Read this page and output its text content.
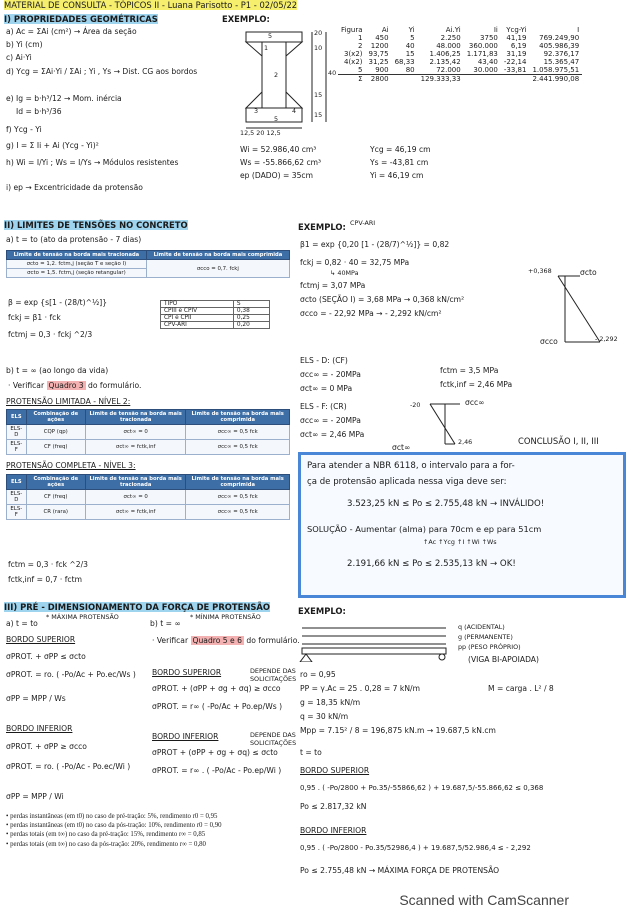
MATERIAL DE CONSULTA - TÓPICOS II - Luana Parisotto - P1 - 02/05/22
I) PROPRIEDADES GEOMÉTRICAS
a) Ac = ΣAi (cm²) → Área da seção
b) Yi (cm)
c) Ai·Yi
d) Ycg = ΣAi·Yi / ΣAi ; Yi , Ys → Dist. CG aos bordos
e) Ig = b·h³/12 → Mom. inércia
Id = b·h³/36
f) Ycg - Yi
g) I = Σ Ii + Ai (Ycg - Yi)²
h) Wi = I/Yi ; Ws = I/Ys → Módulos resistentes
i) ep → Excentricidade da protensão
EXEMPLO:
20
10
40
15
15
5
12,5 20 12,5
1
2
3	4
5
Figura	Ai	Yi	Ai.Yi	Ii	Ycg-Yi	I
1	450	5	2.250	3750	41,19	769.249,90
2	1200	40	48.000	360.000	6,19	405.986,39
3(x2)	93,75	15	1.406,25	1.171,83	31,19	92.376,17
4(x2)	31,25	68,33	2.135,42	43,40	-22,14	15.365,47
5	900	80	72.000	30.000	-33,81	1.058.975,51
Σ	2800		129.333,33			2.441.990,08
Wi = 52.986,40 cm³
Ws = -55.866,62 cm³
ep (DADO) = 35cm
Ycg = 46,19 cm
Ys = -43,81 cm
Yi = 46,19 cm
II) LIMITES DE TENSÕES NO CONCRETO
a) t = to (ato da protensão - 7 dias)
Limite de tensão na borda mais tracionada	Limite de tensão na borda mais comprimida
σcto = 1,2. fctm,j (seção T e seção I)	σcco = 0,7. fckj
σcto = 1,5. fctm,j (seção retangular)	
β = exp {s[1 - (28/t)^½]}
fckj = β1 · fck
fctmj = 0,3 · fckj ^2/3
TIPO	S
CPIII e CPIV	0,38
CPI e CPII	0,25
CPV-ARI	0,20
b) t = ∞ (ao longo da vida)
· Verificar Quadro 3 do formulário.
PROTENSÃO LIMITADA - NÍVEL 2:
ELS	Combinação de ações	Limite de tensão na borda mais tracionada	Limite de tensão na borda mais comprimida
ELS-D	CQP (qp)	σct∞ = 0	σcc∞ = 0,5 fck
ELS-F	CF (freq)	σct∞ = fctk,inf	σcc∞ = 0,5 fck
PROTENSÃO COMPLETA - NÍVEL 3:
ELS	Combinação de ações	Limite de tensão na borda mais tracionada	Limite de tensão na borda mais comprimida
ELS-D	CF (freq)	σct∞ = 0	σcc∞ = 0,5 fck
ELS-F	CR (rara)	σct∞ = fctk,inf	σcc∞ = 0,5 fck
fctm = 0,3 · fck ^2/3
fctk,inf = 0,7 · fctm
EXEMPLO: CPV-ARI
β1 = exp {0,20 [1 - (28/7)^½]} = 0,82
fckj = 0,82 · 40 = 32,75 MPa
↳ 40MPa
fctmj = 3,07 MPa
σcto (SEÇÃO I) = 3,68 MPa → 0,368 kN/cm²
σcco = - 22,92 MPa → - 2,292 kN/cm²
+0,368	σcto
σcco	- 2,292
ELS - D: (CF)
σcc∞ = - 20MPa
σct∞ = 0 MPa
ELS - F: (CR)
σcc∞ = - 20MPa
σct∞ = 2,46 MPa
fctm = 3,5 MPa
fctk,inf = 2,46 MPa
-20	σcc∞
σct∞
2,46	CONCLUSÃO I, II, III
Para atender a NBR 6118, o intervalo para a for-
ça de protensão aplicada nessa viga deve ser:
3.523,25 kN ≤ Po ≤ 2.755,48 kN → INVÁLIDO!
SOLUÇÃO - Aumentar (alma) para 70cm e ep para 51cm
↑Ac ↑Ycg ↑I ↑Wi ↑Ws
2.191,66 kN ≤ Po ≤ 2.535,13 kN → OK!
III) PRÉ - DIMENSIONAMENTO DA FORÇA DE PROTENSÃO
a) t = to
* MÁXIMA PROTENSÃO
BORDO SUPERIOR
σPROT. + σPP ≤ σcto
σPROT. = ro. ( -Po/Ac + Po.ec/Ws )
σPP = MPP / Ws
BORDO INFERIOR
σPROT. + σPP ≥ σcco
σPROT. = ro. ( -Po/Ac - Po.ec/Wi )
σPP = MPP / Wi
b) t = ∞
* MÍNIMA PROTENSÃO
· Verificar Quadro 5 e 6 do formulário.
BORDO SUPERIOR
σPROT. + (σPP + σg + σq) ≥ σcco
DEPENDE DAS SOLICITAÇÕES
σPROT. = r∞ ( -Po/Ac + Po.ep/Ws )
BORDO INFERIOR
σPROT + (σPP + σg + σq) ≤ σcto
DEPENDE DAS SOLICITAÇÕES
σPROT. = r∞ . ( -Po/Ac - Po.ep/Wi )
• perdas instantâneas (em t0) no caso de pré-tração: 5%, rendimento r0 = 0,95
• perdas instantâneas (em t0) no caso da pós-tração: 10%, rendimento r0 = 0,90
• perdas totais (em t∞) no caso da pré-tração: 15%, rendimento r∞ = 0,85
• perdas totais (em t∞) no caso da pós-tração: 20%, rendimento r∞ = 0,80
EXEMPLO:
q (ACIDENTAL)
g (PERMANENTE)
pp (PESO PRÓPRIO)
(VIGA BI-APOIADA)
ro = 0,95
PP = γ.Ac = 25 . 0,28 = 7 kN/m	M = carga . L² / 8
g = 18,35 kN/m
q = 30 kN/m
Mpp = 7.15² / 8 = 196,875 kN.m → 19.687,5 kN.cm
t = to
BORDO SUPERIOR
0,95 . ( -Po/2800 + Po.35/-55866,62 ) + 19.687,5/-55.866,62 ≤ 0,368
Po ≤ 2.817,32 kN
BORDO INFERIOR
0,95 . ( -Po/2800 - Po.35/52986,4 ) + 19.687,5/52.986,4 ≤ - 2,292
Po ≤ 2.755,48 kN → MÁXIMA FORÇA DE PROTENSÃO
Scanned with CamScanner
